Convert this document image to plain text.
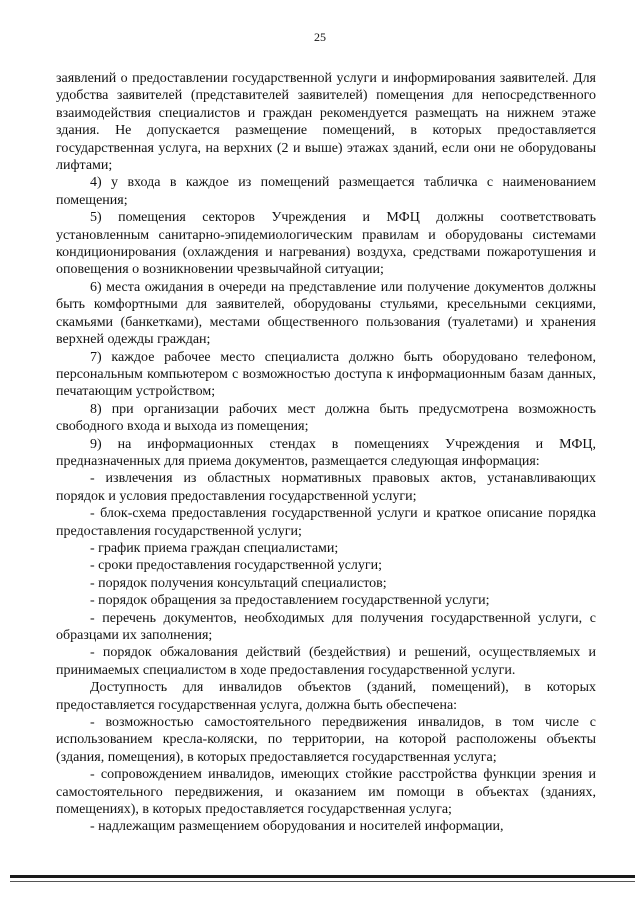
25

заявлений о предоставлении государственной услуги и информирования заявителей. Для удобства заявителей (представителей заявителей) помещения для непосредственного взаимодействия специалистов и граждан рекомендуется размещать на нижнем этаже здания. Не допускается размещение помещений, в которых предоставляется государственная услуга, на верхних (2 и выше) этажах зданий, если они не оборудованы лифтами;

4) у входа в каждое из помещений размещается табличка с наименованием помещения;

5) помещения секторов Учреждения и МФЦ должны соответствовать установленным санитарно-эпидемиологическим правилам и оборудованы системами кондиционирования (охлаждения и нагревания) воздуха, средствами пожаротушения и оповещения о возникновении чрезвычайной ситуации;

6) места ожидания в очереди на представление или получение документов должны быть комфортными для заявителей, оборудованы стульями, кресельными секциями, скамьями (банкетками), местами общественного пользования (туалетами) и хранения верхней одежды граждан;

7) каждое рабочее место специалиста должно быть оборудовано телефоном, персональным компьютером с возможностью доступа к информационным базам данных, печатающим устройством;

8) при организации рабочих мест должна быть предусмотрена возможность свободного входа и выхода из помещения;

9) на информационных стендах в помещениях Учреждения и МФЦ, предназначенных для приема документов, размещается следующая информация:

- извлечения из областных нормативных правовых актов, устанавливающих порядок и условия предоставления государственной услуги;

- блок-схема предоставления государственной услуги и краткое описание порядка предоставления государственной услуги;

- график приема граждан специалистами;

- сроки предоставления государственной услуги;

- порядок получения консультаций специалистов;

- порядок обращения за предоставлением государственной услуги;

- перечень документов, необходимых для получения государственной услуги, с образцами их заполнения;

- порядок обжалования действий (бездействия) и решений, осуществляемых и принимаемых специалистом в ходе предоставления государственной услуги.

Доступность для инвалидов объектов (зданий, помещений), в которых предоставляется государственная услуга, должна быть обеспечена:

- возможностью самостоятельного передвижения инвалидов, в том числе с использованием кресла-коляски, по территории, на которой расположены объекты (здания, помещения), в которых предоставляется государственная услуга;

- сопровождением инвалидов, имеющих стойкие расстройства функции зрения и самостоятельного передвижения, и оказанием им помощи в объектах (зданиях, помещениях), в которых предоставляется государственная услуга;

- надлежащим размещением оборудования и носителей информации,
